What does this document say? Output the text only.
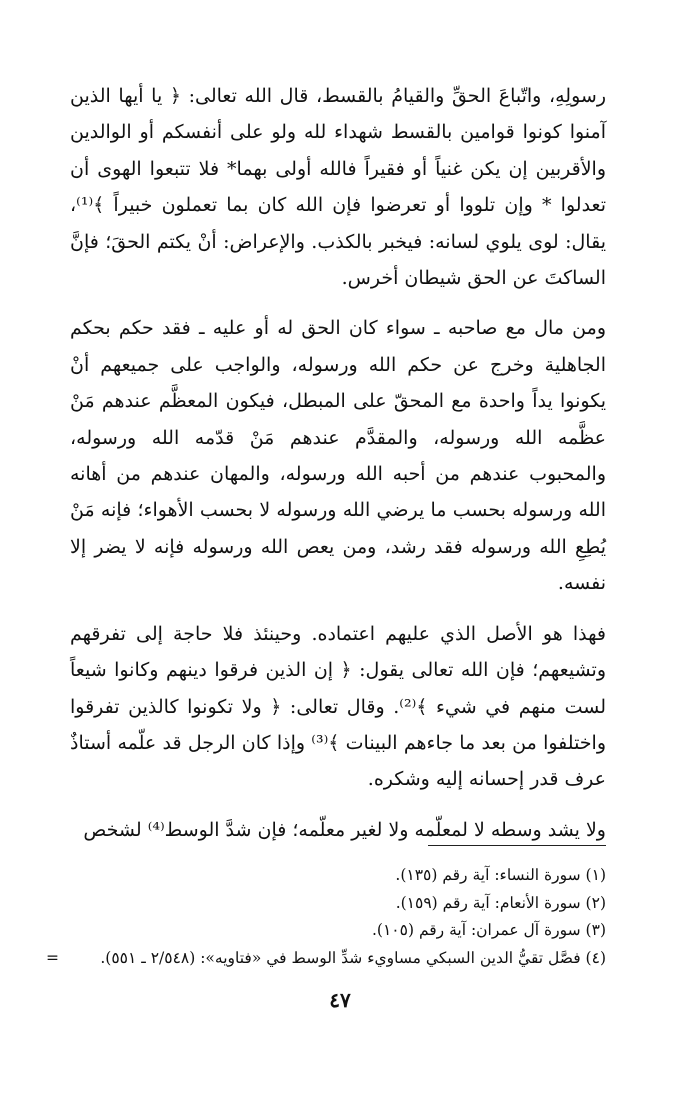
رسولِهِ، واتّباعَ الحقِّ والقيامُ بالقسط، قال الله تعالى: ﴿ يا أيها الذين آمنوا كونوا قوامين بالقسط شهداء لله ولو على أنفسكم أو الوالدين والأقربين إن يكن غنياً أو فقيراً فالله أولى بهما* فلا تتبعوا الهوى أن تعدلوا * وإن تلووا أو تعرضوا فإن الله كان بما تعملون خبيراً ﴾⁽¹⁾، يقال: لوى يلوي لسانه: فيخبر بالكذب. والإعراض: أنْ يكتم الحقَ؛ فإنَّ الساكتَ عن الحق شيطان أخرس.

ومن مال مع صاحبه ـ سواء كان الحق له أو عليه ـ فقد حكم بحكم الجاهلية وخرج عن حكم الله ورسوله، والواجب على جميعهم أنْ يكونوا يداً واحدة مع المحقّ على المبطل، فيكون المعظَّم عندهم مَنْ عظَّمه الله ورسوله، والمقدَّم عندهم مَنْ قدّمه الله ورسوله، والمحبوب عندهم من أحبه الله ورسوله، والمهان عندهم من أهانه الله ورسوله بحسب ما يرضي الله ورسوله لا بحسب الأهواء؛ فإنه مَنْ يُطِعِ الله ورسوله فقد رشد، ومن يعص الله ورسوله فإنه لا يضر إلا نفسه.

فهذا هو الأصل الذي عليهم اعتماده. وحينئذ فلا حاجة إلى تفرقهم وتشيعهم؛ فإن الله تعالى يقول: ﴿ إن الذين فرقوا دينهم وكانوا شيعاً لست منهم في شيء ﴾⁽²⁾. وقال تعالى: ﴿ ولا تكونوا كالذين تفرقوا واختلفوا من بعد ما جاءهم البينات ﴾⁽³⁾ وإذا كان الرجل قد علّمه أستاذٌ عرف قدر إحسانه إليه وشكره.

ولا يشد وسطه لا لمعلّمه ولا لغير معلّمه؛ فإن شدَّ الوسط⁽⁴⁾ لشخص

(١) سورة النساء: آية رقم (١٣٥).

(٢) سورة الأنعام: آية رقم (١٥٩).

(٣) سورة آل عمران: آية رقم (١٠٥).

(٤) فصَّل تقيُّ الدين السبكي مساويء شدِّ الوسط في «فتاويه»: (٢/٥٤٨ ـ ٥٥١).
=

٤٧
